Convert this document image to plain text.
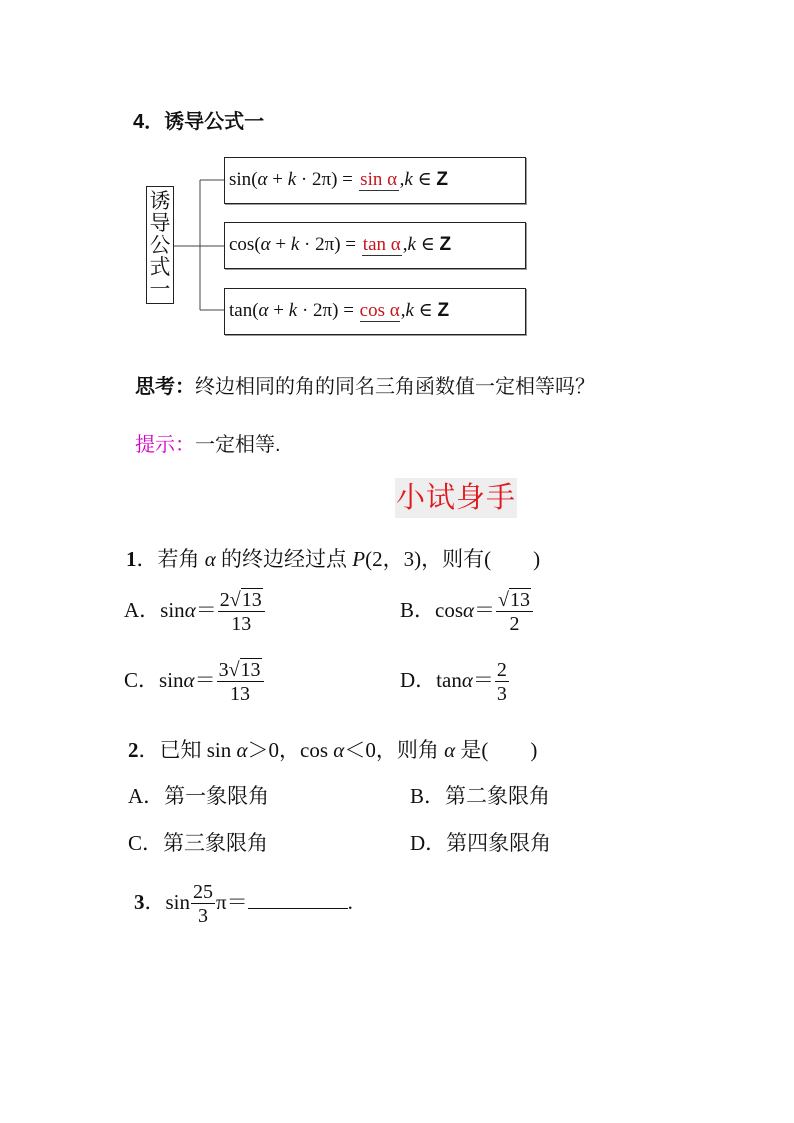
4．诱导公式一
诱
导
公
式
一
sin(α + k · 2π) = sin α ,k ∈ Z
cos(α + k · 2π) = tan α ,k ∈ Z
tan(α + k · 2π) = cos α,k ∈ Z
思考：终边相同的角的同名三角函数值一定相等吗？
提示：一定相等.
小试身手
1．若角 α 的终边经过点 P(2，3)，则有(　　)
A．$\sin\alpha= \frac{2√13}{13}$	B．$\cos\alpha= \frac{√13}{2}$
C．$\sin\alpha= \frac{3√13}{13}$	D．$\tan\alpha= \frac{2}{3}$
2．已知 sin α＞0，cos α＜0，则角 α 是(　　)
A．第一象限角	B．第二象限角
C．第三象限角	D．第四象限角
3．$\sin \frac{25}{3} \pi=$	.
